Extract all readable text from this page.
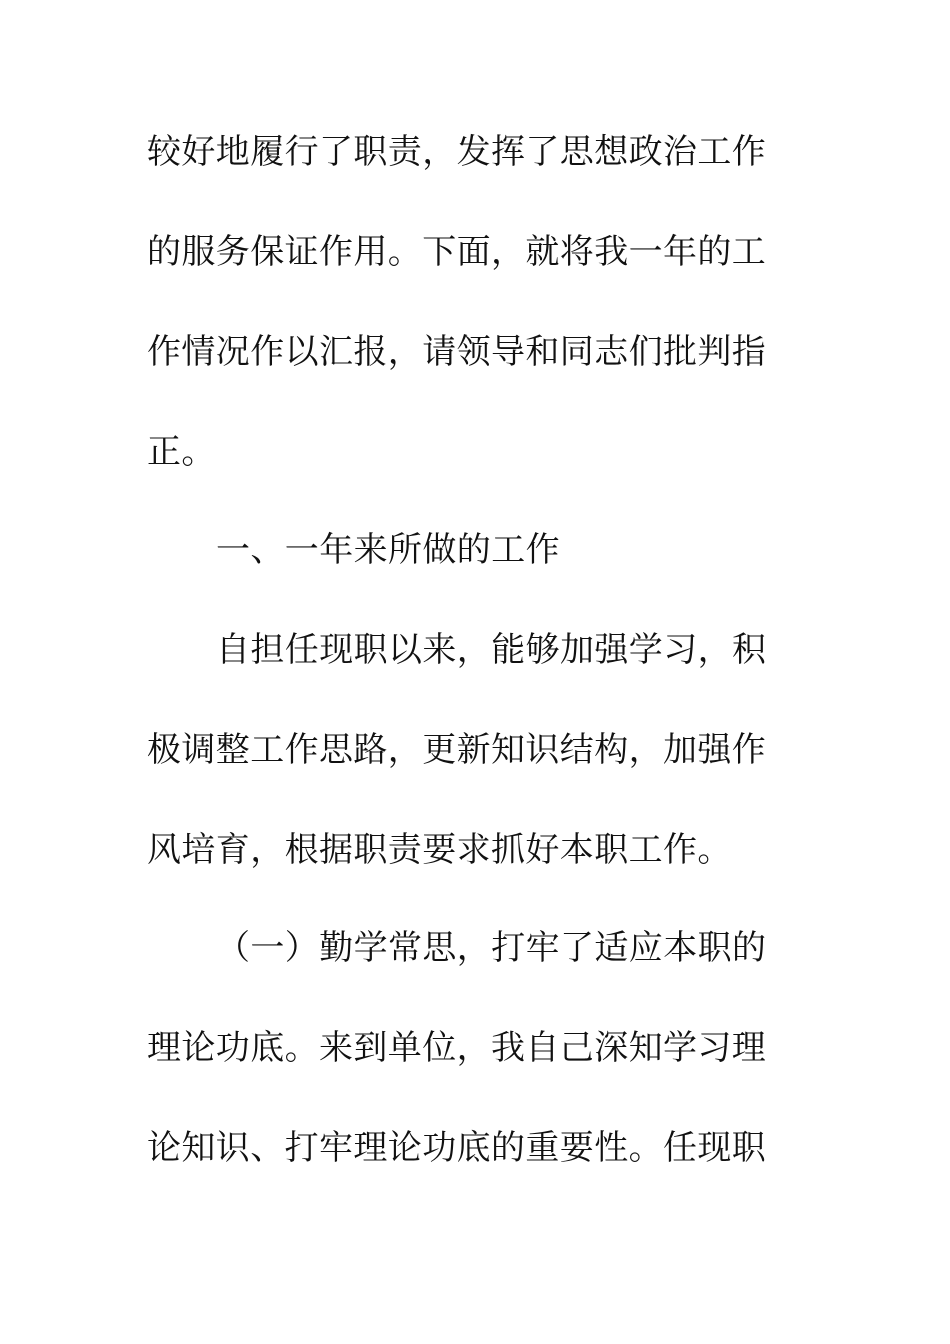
较好地履行了职责，发挥了思想政治工作
的服务保证作用。下面，就将我一年的工
作情况作以汇报，请领导和同志们批判指
正。
一、一年来所做的工作
自担任现职以来，能够加强学习，积
极调整工作思路，更新知识结构，加强作
风培育，根据职责要求抓好本职工作。
（一）勤学常思，打牢了适应本职的
理论功底。来到单位，我自己深知学习理
论知识、打牢理论功底的重要性。任现职
